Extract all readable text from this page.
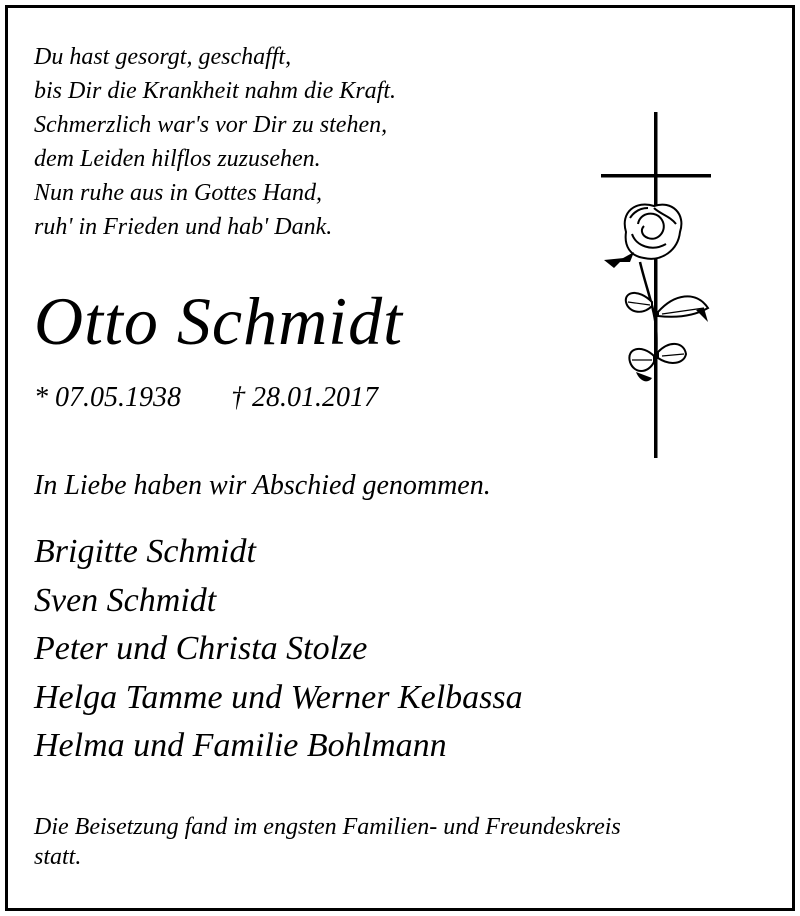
Du hast gesorgt, geschafft,
bis Dir die Krankheit nahm die Kraft.
Schmerzlich war's vor Dir zu stehen,
dem Leiden hilflos zuzusehen.
Nun ruhe aus in Gottes Hand,
ruh' in Frieden und hab' Dank.
Otto Schmidt
* 07.05.1938 † 28.01.2017
In Liebe haben wir Abschied genommen.
Brigitte Schmidt
Sven Schmidt
Peter und Christa Stolze
Helga Tamme und Werner Kelbassa
Helma und Familie Bohlmann
Die Beisetzung fand im engsten Familien- und Freundeskreis
statt.
